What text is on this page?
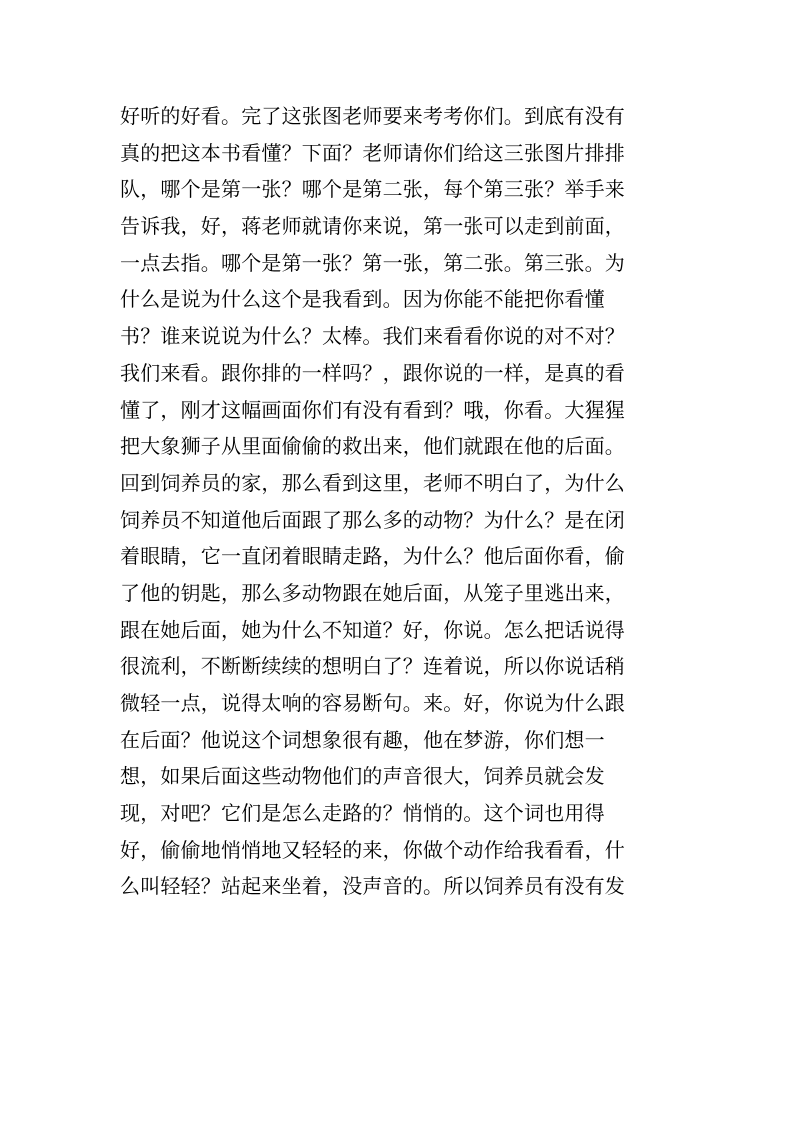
好听的好看。完了这张图老师要来考考你们。到底有没有
真的把这本书看懂？下面？老师请你们给这三张图片排排
队，哪个是第一张？哪个是第二张，每个第三张？举手来
告诉我，好，蒋老师就请你来说，第一张可以走到前面，
一点去指。哪个是第一张？第一张，第二张。第三张。为
什么是说为什么这个是我看到。因为你能不能把你看懂
书？谁来说说为什么？太棒。我们来看看你说的对不对？
我们来看。跟你排的一样吗？，跟你说的一样，是真的看
懂了，刚才这幅画面你们有没有看到？哦，你看。大猩猩
把大象狮子从里面偷偷的救出来，他们就跟在他的后面。
回到饲养员的家，那么看到这里，老师不明白了，为什么
饲养员不知道他后面跟了那么多的动物？为什么？是在闭
着眼睛，它一直闭着眼睛走路，为什么？他后面你看，偷
了他的钥匙，那么多动物跟在她后面，从笼子里逃出来，
跟在她后面，她为什么不知道？好，你说。怎么把话说得
很流利，不断断续续的想明白了？连着说，所以你说话稍
微轻一点，说得太响的容易断句。来。好，你说为什么跟
在后面？他说这个词想象很有趣，他在梦游，你们想一
想，如果后面这些动物他们的声音很大，饲养员就会发
现，对吧？它们是怎么走路的？悄悄的。这个词也用得
好，偷偷地悄悄地又轻轻的来，你做个动作给我看看，什
么叫轻轻？站起来坐着，没声音的。所以饲养员有没有发
